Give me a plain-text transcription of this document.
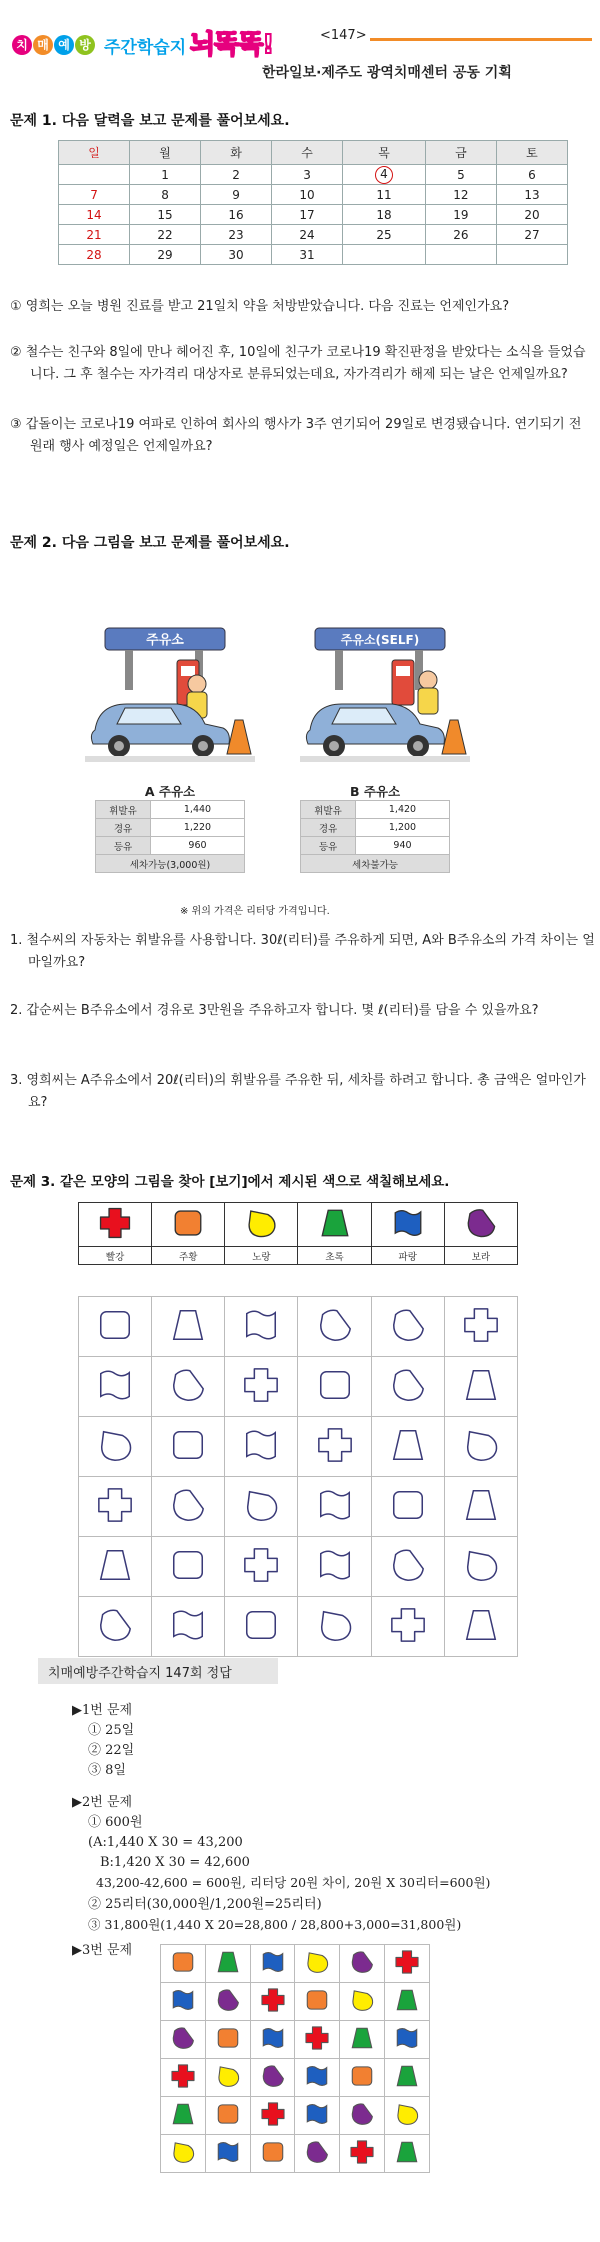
치 매 예 방 주간학습지 뇌똑똑!	<147>
한라일보·제주도 광역치매센터 공동 기획
문제 1. 다음 달력을 보고 문제를 풀어보세요.
일	월	화	수	목	금	토
	1	2	3	4	5	6
7	8	9	10	11	12	13
14	15	16	17	18	19	20
21	22	23	24	25	26	27
28	29	30	31			
① 영희는 오늘 병원 진료를 받고 21일치 약을 처방받았습니다. 다음 진료는 언제인가요?
② 철수는 친구와 8일에 만나 헤어진 후, 10일에 친구가 코로나19 확진판정을 받았다는 소식을 들었습니다. 그 후 철수는 자가격리 대상자로 분류되었는데요, 자가격리가 해제 되는 날은 언제일까요?
③ 갑돌이는 코로나19 여파로 인하여 회사의 행사가 3주 연기되어 29일로 변경됐습니다. 연기되기 전 원래 행사 예정일은 언제일까요?
문제 2. 다음 그림을 보고 문제를 풀어보세요.
주유소	주유소(SELF)
A 주유소
휘발유	1,440
경유	1,220
등유	960
세차가능(3,000원)	
B 주유소
휘발유	1,420
경유	1,200
등유	940
세차불가능	
※ 위의 가격은 리터당 가격입니다.
1. 철수씨의 자동차는 휘발유를 사용합니다. 30ℓ(리터)를 주유하게 되면, A와 B주유소의 가격 차이는 얼마일까요?
2. 갑순씨는 B주유소에서 경유로 3만원을 주유하고자 합니다. 몇 ℓ(리터)를 담을 수 있을까요?
3. 영희씨는 A주유소에서 20ℓ(리터)의 휘발유를 주유한 뒤, 세차를 하려고 합니다. 총 금액은 얼마인가요?
문제 3. 같은 모양의 그림을 찾아 [보기]에서 제시된 색으로 색칠해보세요.

빨강	주황	노랑	초록	파랑	보라

치매예방주간학습지 147회 정답
▶1번 문제
① 25일
② 22일
③ 8일
▶2번 문제
① 600원
(A:1,440 X 30 = 43,200
B:1,420 X 30 = 42,600
43,200-42,600 = 600원, 리터당 20원 차이, 20원 X 30리터=600원)
② 25리터(30,000원/1,200원=25리터)
③ 31,800원(1,440 X 20=28,800 / 28,800+3,000=31,800원)
▶3번 문제
